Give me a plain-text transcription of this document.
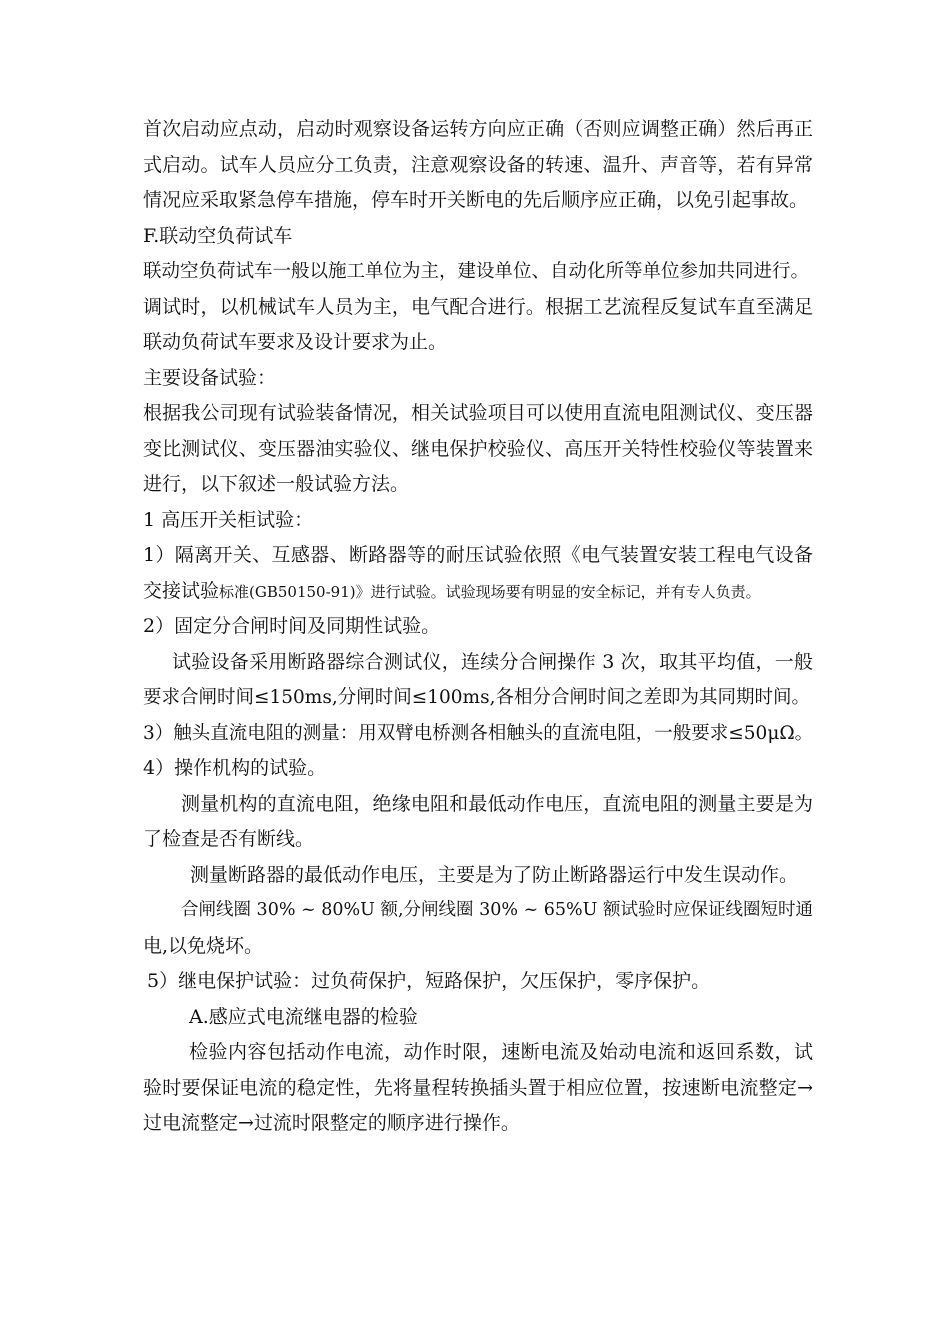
首次启动应点动，启动时观察设备运转方向应正确（否则应调整正确）然后再正
式启动。试车人员应分工负责，注意观察设备的转速、温升、声音等，若有异常
情况应采取紧急停车措施，停车时开关断电的先后顺序应正确，以免引起事故。
F.联动空负荷试车
联动空负荷试车一般以施工单位为主，建设单位、自动化所等单位参加共同进行。
调试时，以机械试车人员为主，电气配合进行。根据工艺流程反复试车直至满足
联动负荷试车要求及设计要求为止。
主要设备试验：
根据我公司现有试验装备情况，相关试验项目可以使用直流电阻测试仪、变压器
变比测试仪、变压器油实验仪、继电保护校验仪、高压开关特性校验仪等装置来
进行，以下叙述一般试验方法。
1 高压开关柜试验：
1）隔离开关、互感器、断路器等的耐压试验依照《电气装置安装工程电气设备
交接试验标准(GB50150-91)》进行试验。试验现场要有明显的安全标记，并有专人负责。
2）固定分合闸时间及同期性试验。
试验设备采用断路器综合测试仪，连续分合闸操作 3 次，取其平均值，一般
要求合闸时间≤150ms,分闸时间≤100ms,各相分合闸时间之差即为其同期时间。
3）触头直流电阻的测量：用双臂电桥测各相触头的直流电阻，一般要求≤50μΩ。
4）操作机构的试验。
测量机构的直流电阻，绝缘电阻和最低动作电压，直流电阻的测量主要是为
了检查是否有断线。
测量断路器的最低动作电压，主要是为了防止断路器运行中发生误动作。
合闸线圈 30% ~ 80%U 额,分闸线圈 30% ~ 65%U 额试验时应保证线圈短时通
电,以免烧坏。
5）继电保护试验：过负荷保护，短路保护，欠压保护，零序保护。
A.感应式电流继电器的检验
检验内容包括动作电流，动作时限，速断电流及始动电流和返回系数，试
验时要保证电流的稳定性，先将量程转换插头置于相应位置，按速断电流整定→
过电流整定→过流时限整定的顺序进行操作。
